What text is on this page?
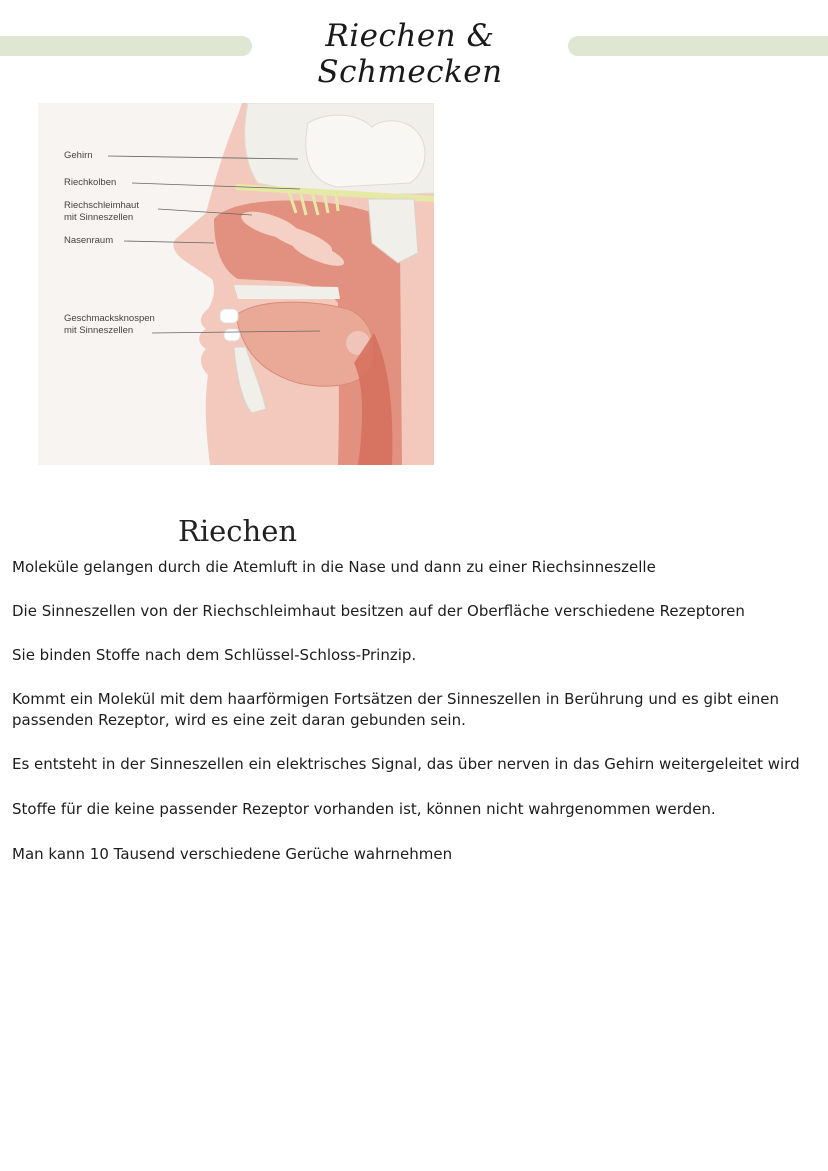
Riechen & Schmecken
Gehirn
Riechkolben
Riechschleimhaut
mit Sinneszellen
Nasenraum
Geschmacksknospen
mit Sinneszellen
Riechen

Moleküle gelangen durch die Atemluft in die Nase und dann zu einer Riechsinneszelle

Die Sinneszellen von der Riechschleimhaut besitzen auf der Oberfläche verschiedene Rezeptoren

Sie binden Stoffe nach dem Schlüssel-Schloss-Prinzip.

Kommt ein Molekül mit dem haarförmigen Fortsätzen der Sinneszellen in Berührung und es gibt einen passenden Rezeptor, wird es eine zeit daran gebunden sein.

Es entsteht in der Sinneszellen ein elektrisches Signal, das über nerven in das Gehirn weitergeleitet wird

Stoffe für die keine passender Rezeptor vorhanden ist, können nicht wahrgenommen werden.

Man kann 10 Tausend verschiedene Gerüche wahrnehmen
